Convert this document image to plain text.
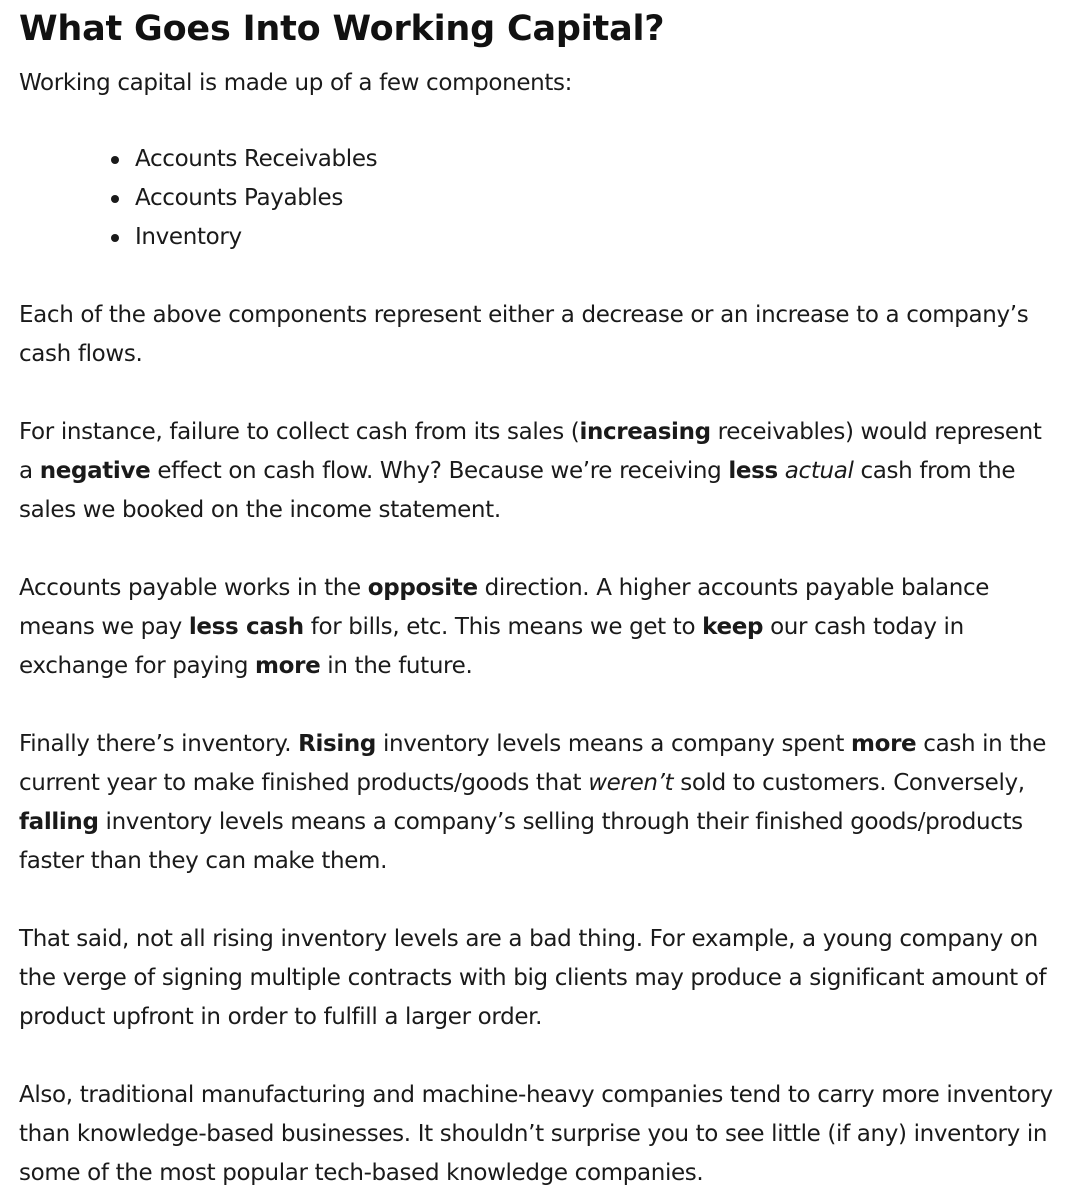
What Goes Into Working Capital?

Working capital is made up of a few components:

Accounts Receivables
Accounts Payables
Inventory

Each of the above components represent either a decrease or an increase to a company’s cash flows.

For instance, failure to collect cash from its sales (increasing receivables) would represent a negative effect on cash flow. Why? Because we’re receiving less actual cash from the sales we booked on the income statement.

Accounts payable works in the opposite direction. A higher accounts payable balance means we pay less cash for bills, etc. This means we get to keep our cash today in exchange for paying more in the future.

Finally there’s inventory. Rising inventory levels means a company spent more cash in the current year to make finished products/goods that weren’t sold to customers. Conversely, falling inventory levels means a company’s selling through their finished goods/products faster than they can make them.

That said, not all rising inventory levels are a bad thing. For example, a young company on the verge of signing multiple contracts with big clients may produce a significant amount of product upfront in order to fulfill a larger order.

Also, traditional manufacturing and machine-heavy companies tend to carry more inventory than knowledge-based businesses. It shouldn’t surprise you to see little (if any) inventory in some of the most popular tech-based knowledge companies.
